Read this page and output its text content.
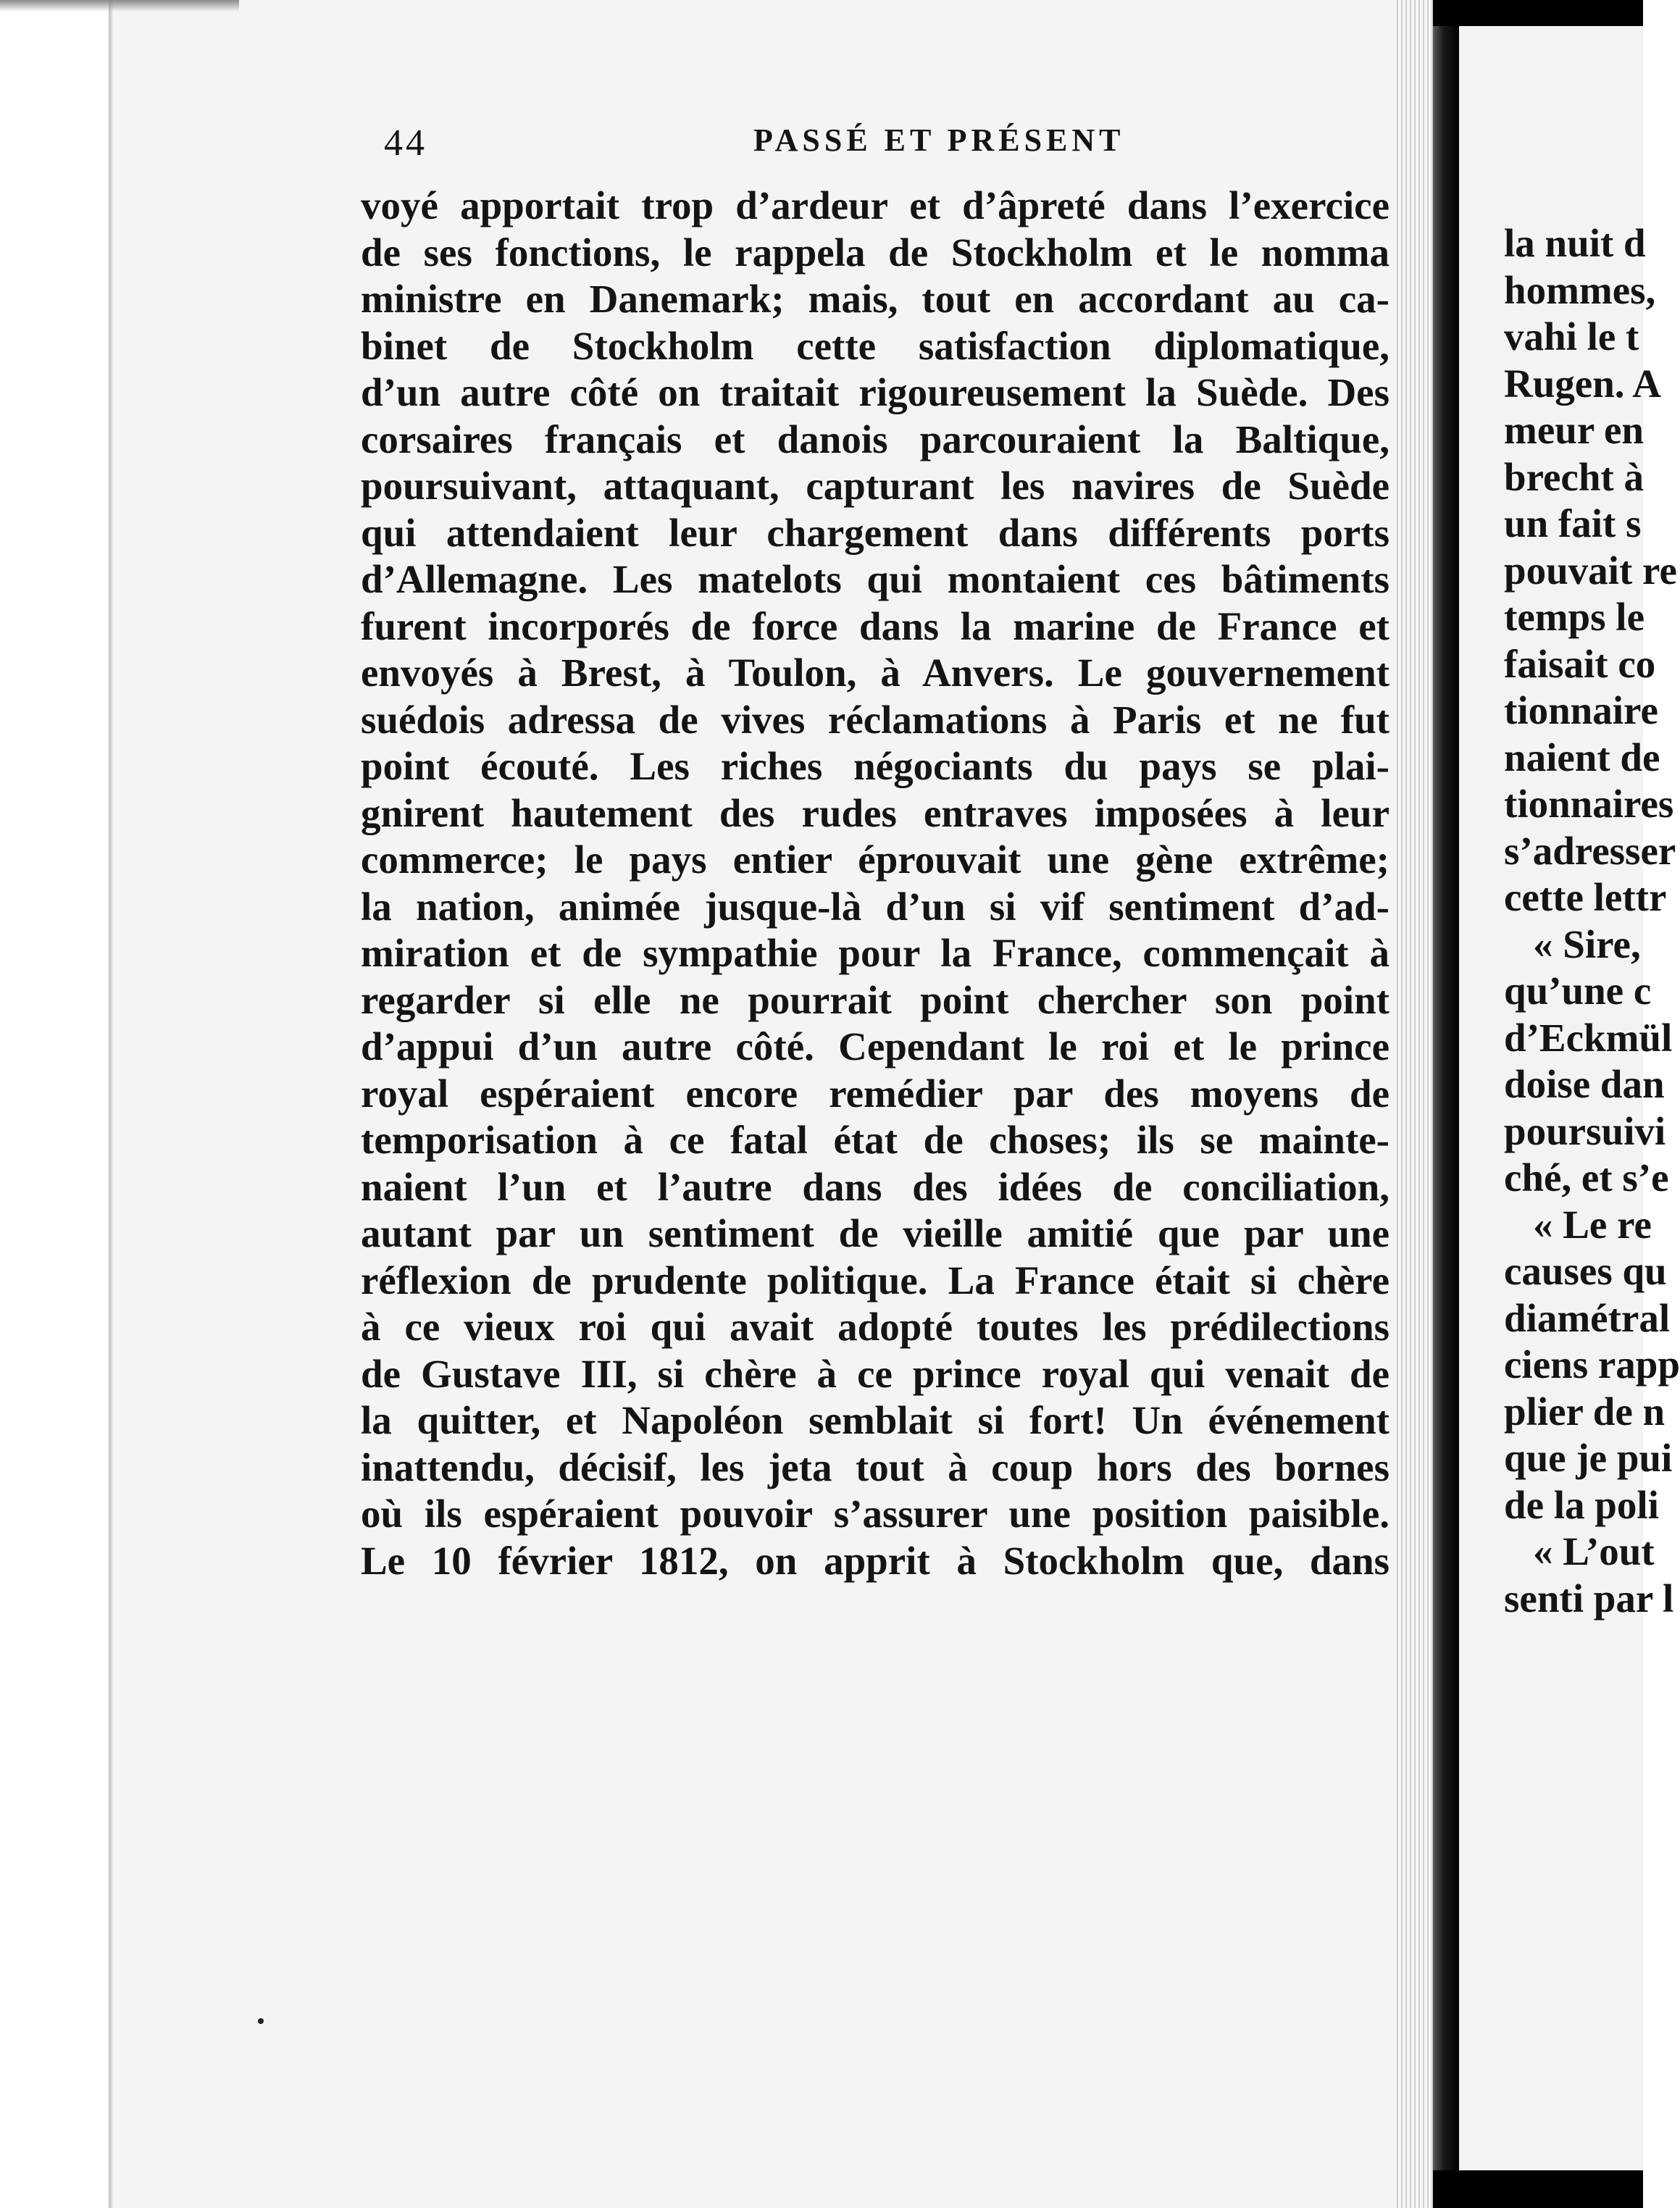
44	PASSÉ ET PRÉSENT
voyé apportait trop d’ardeur et d’âpreté dans l’exercice
de ses fonctions, le rappela de Stockholm et le nomma
ministre en Danemark; mais, tout en accordant au ca-
binet de Stockholm cette satisfaction diplomatique,
d’un autre côté on traitait rigoureusement la Suède. Des
corsaires français et danois parcouraient la Baltique,
poursuivant, attaquant, capturant les navires de Suède
qui attendaient leur chargement dans différents ports
d’Allemagne. Les matelots qui montaient ces bâtiments
furent incorporés de force dans la marine de France et
envoyés à Brest, à Toulon, à Anvers. Le gouvernement
suédois adressa de vives réclamations à Paris et ne fut
point écouté. Les riches négociants du pays se plai-
gnirent hautement des rudes entraves imposées à leur
commerce; le pays entier éprouvait une gène extrême;
la nation, animée jusque-là d’un si vif sentiment d’ad-
miration et de sympathie pour la France, commençait à
regarder si elle ne pourrait point chercher son point
d’appui d’un autre côté. Cependant le roi et le prince
royal espéraient encore remédier par des moyens de
temporisation à ce fatal état de choses; ils se mainte-
naient l’un et l’autre dans des idées de conciliation,
autant par un sentiment de vieille amitié que par une
réflexion de prudente politique. La France était si chère
à ce vieux roi qui avait adopté toutes les prédilections
de Gustave III, si chère à ce prince royal qui venait de
la quitter, et Napoléon semblait si fort! Un événement
inattendu, décisif, les jeta tout à coup hors des bornes
où ils espéraient pouvoir s’assurer une position paisible.
Le 10 février 1812, on apprit à Stockholm que, dans
la nuit d
hommes,
vahi le t
Rugen. A
meur en
brecht à
un fait s
pouvait re
temps le
faisait co
tionnaire
naient de
tionnaires
s’adresser
cette lettr
« Sire,
qu’une c
d’Eckmül
doise dan
poursuivi
ché, et s’e
« Le re
causes qu
diamétral
ciens rapp
plier de n
que je pui
de la poli
« L’out
senti par l
